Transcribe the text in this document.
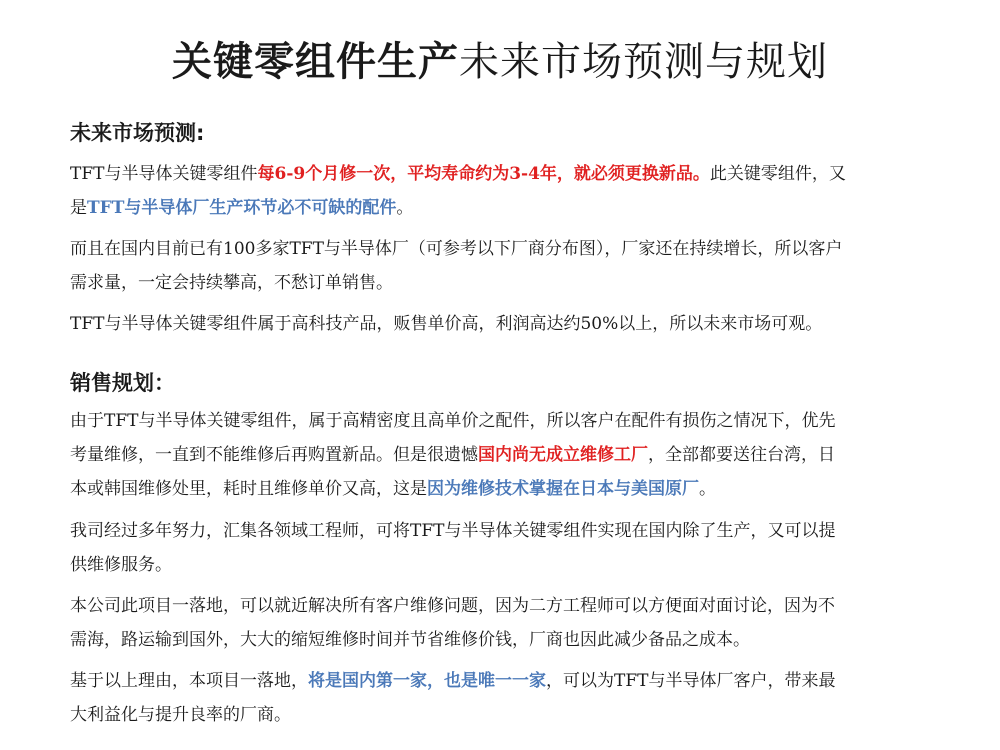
关键零组件生产未来市场预测与规划
未来市场预测:
TFT与半导体关键零组件每6-9个月修一次，平均寿命约为3-4年，就必须更换新品。此关键零组件，又
是TFT与半导体厂生产环节必不可缺的配件。
而且在国内目前已有100多家TFT与半导体厂（可参考以下厂商分布图），厂家还在持续增长，所以客户
需求量，一定会持续攀高，不愁订单销售。
TFT与半导体关键零组件属于高科技产品，贩售单价高，利润高达约50%以上，所以未来市场可观。
销售规划：
由于TFT与半导体关键零组件，属于高精密度且高单价之配件，所以客户在配件有损伤之情况下，优先
考量维修，一直到不能维修后再购置新品。但是很遗憾国内尚无成立维修工厂，全部都要送往台湾，日
本或韩国维修处里，耗时且维修单价又高，这是因为维修技术掌握在日本与美国原厂。
我司经过多年努力，汇集各领域工程师，可将TFT与半导体关键零组件实现在国内除了生产，又可以提
供维修服务。
本公司此项目一落地，可以就近解决所有客户维修问题，因为二方工程师可以方便面对面讨论，因为不
需海，路运输到国外，大大的缩短维修时间并节省维修价钱，厂商也因此减少备品之成本。
基于以上理由，本项目一落地，将是国内第一家，也是唯一一家，可以为TFT与半导体厂客户，带来最
大利益化与提升良率的厂商。
